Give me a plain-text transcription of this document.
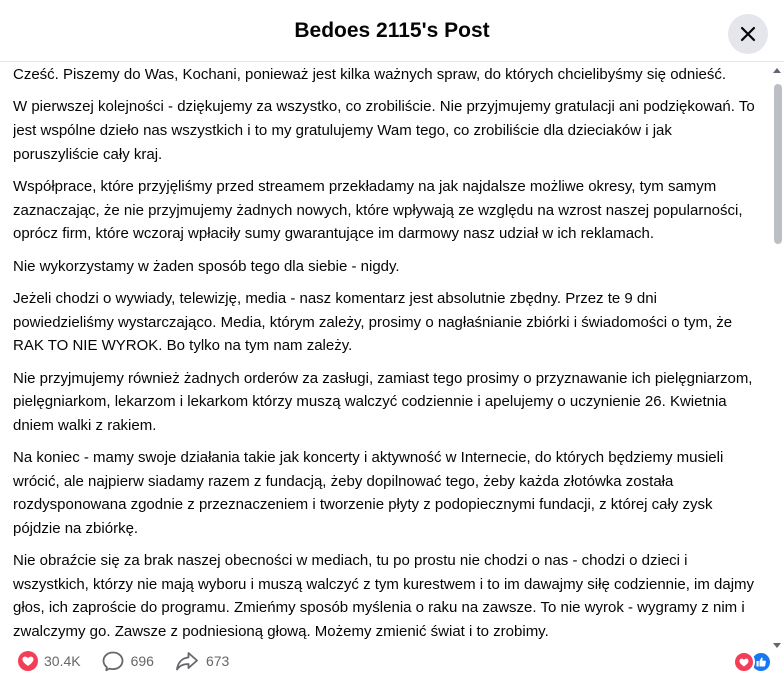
Bedoes 2115's Post

Cześć. Piszemy do Was, Kochani, ponieważ jest kilka ważnych spraw, do których chcielibyśmy się odnieść.

W pierwszej kolejności - dziękujemy za wszystko, co zrobiliście. Nie przyjmujemy gratulacji ani podziękowań. To jest wspólne dzieło nas wszystkich i to my gratulujemy Wam tego, co zrobiliście dla dzieciaków i jak poruszyliście cały kraj.

Współprace, które przyjęliśmy przed streamem przekładamy na jak najdalsze możliwe okresy, tym samym zaznaczając, że nie przyjmujemy żadnych nowych, które wpływają ze względu na wzrost naszej popularności, oprócz firm, które wczoraj wpłaciły sumy gwarantujące im darmowy nasz udział w ich reklamach.

Nie wykorzystamy w żaden sposób tego dla siebie - nigdy.

Jeżeli chodzi o wywiady, telewizję, media - nasz komentarz jest absolutnie zbędny. Przez te 9 dni powiedzieliśmy wystarczająco. Media, którym zależy, prosimy o nagłaśnianie zbiórki i świadomości o tym, że RAK TO NIE WYROK. Bo tylko na tym nam zależy.

Nie przyjmujemy również żadnych orderów za zasługi, zamiast tego prosimy o przyznawanie ich pielęgniarzom, pielęgniarkom, lekarzom i lekarkom którzy muszą walczyć codziennie i apelujemy o uczynienie 26. Kwietnia dniem walki z rakiem.

Na koniec - mamy swoje działania takie jak koncerty i aktywność w Internecie, do których będziemy musieli wrócić, ale najpierw siadamy razem z fundacją, żeby dopilnować tego, żeby każda złotówka została rozdysponowana zgodnie z przeznaczeniem i tworzenie płyty z podopiecznymi fundacji, z której cały zysk pójdzie na zbiórkę.

Nie obraźcie się za brak naszej obecności w mediach, tu po prostu nie chodzi o nas - chodzi o dzieci i wszystkich, którzy nie mają wyboru i muszą walczyć z tym kurestwem i to im dawajmy siłę codziennie, im dajmy głos, ich zaproście do programu. Zmieńmy sposób myślenia o raku na zawsze. To nie wyrok - wygramy z nim i zwalczymy go. Zawsze z podniesioną głową. Możemy zmienić świat i to zrobimy.

30.4K	696	673
